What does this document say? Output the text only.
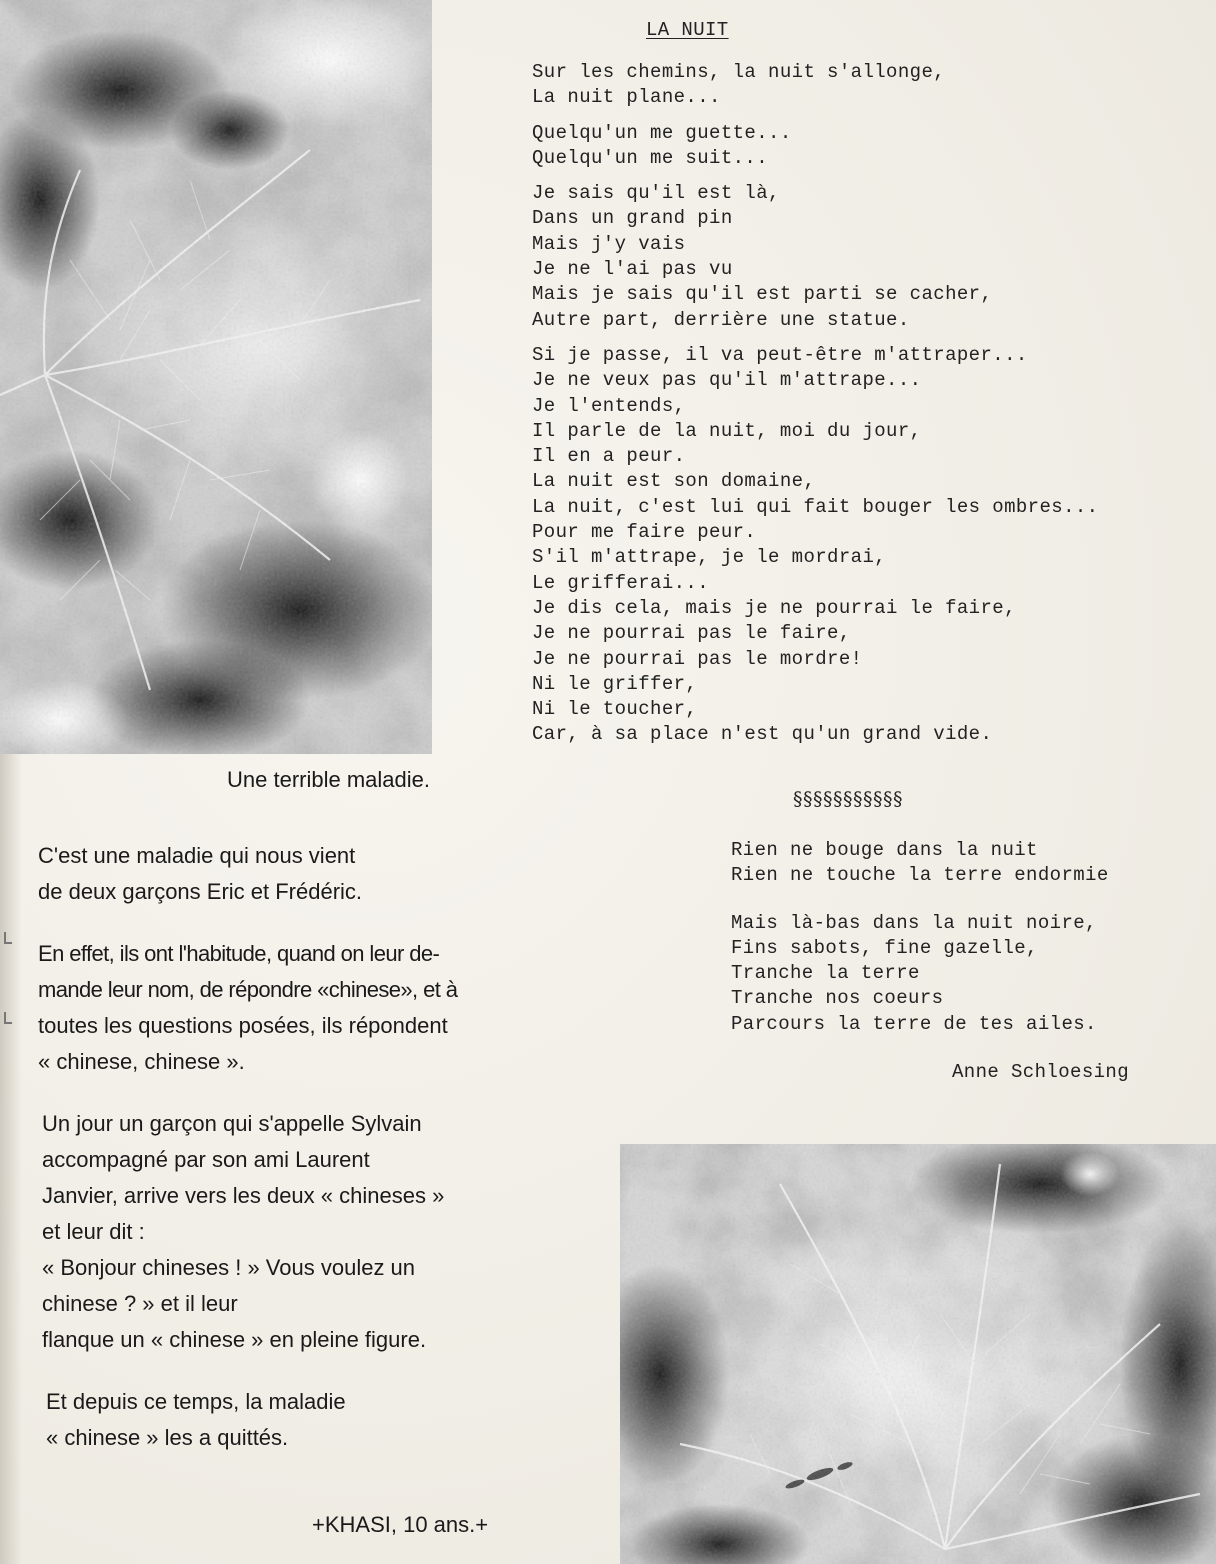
LA NUIT

Sur les chemins, la nuit s'allonge,
La nuit plane...

Quelqu'un me guette...
Quelqu'un me suit...

Je sais qu'il est là,
Dans un grand pin
Mais j'y vais
Je ne l'ai pas vu
Mais je sais qu'il est parti se cacher,
Autre part, derrière une statue.

Si je passe, il va peut-être m'attraper...
Je ne veux pas qu'il m'attrape...
Je l'entends,
Il parle de la nuit, moi du jour,
Il en a peur.
La nuit est son domaine,
La nuit, c'est lui qui fait bouger les ombres...
Pour me faire peur.
S'il m'attrape, je le mordrai,
Le grifferai...
Je dis cela, mais je ne pourrai le faire,
Je ne pourrai pas le faire,
Je ne pourrai pas le mordre!
Ni le griffer,
Ni le toucher,
Car, à sa place n'est qu'un grand vide.

§§§§§§§§§§§

Rien ne bouge dans la nuit
Rien ne touche la terre endormie

Mais là-bas dans la nuit noire,
Fins sabots, fine gazelle,
Tranche la terre
Tranche nos coeurs
Parcours la terre de tes ailes.

Anne Schloesing
Une terrible maladie.

C'est une maladie qui nous vient
de deux garçons Eric et Frédéric.

En effet, ils ont l'habitude, quand on leur de-
mande leur nom, de répondre «chinese», et à
toutes les questions posées, ils répondent
« chinese, chinese ».

Un jour un garçon qui s'appelle Sylvain
accompagné par son ami Laurent
Janvier, arrive vers les deux « chineses »
et leur dit :
« Bonjour chineses ! » Vous voulez un
chinese ? » et il leur
flanque un « chinese » en pleine figure.

Et depuis ce temps, la maladie
« chinese » les a quittés.

+KHASI, 10 ans.+
